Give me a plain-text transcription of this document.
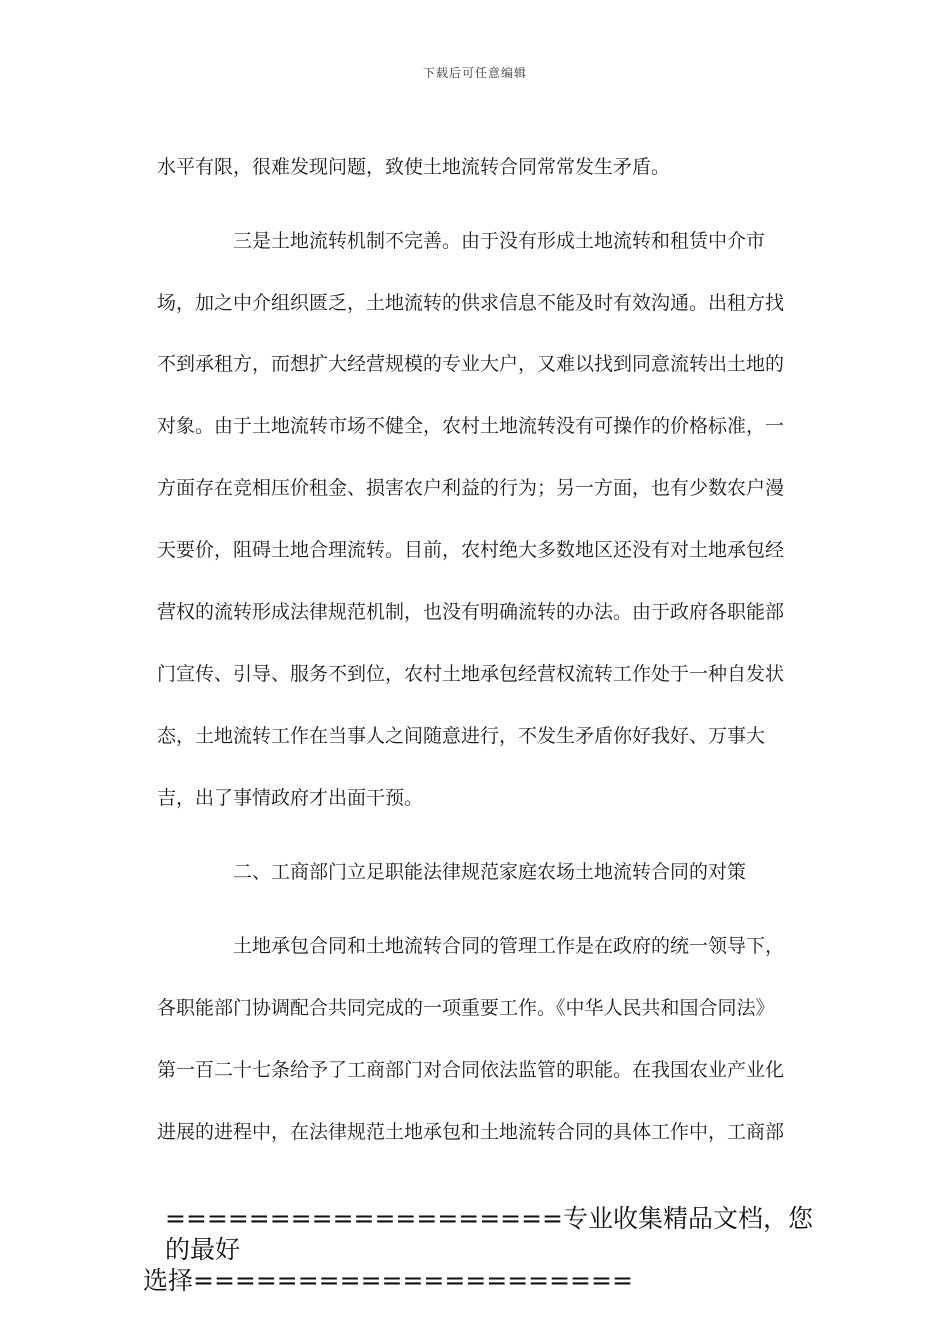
下载后可任意编辑
水平有限，很难发现问题，致使土地流转合同常常发生矛盾。
三是土地流转机制不完善。由于没有形成土地流转和租赁中介市
场，加之中介组织匮乏，土地流转的供求信息不能及时有效沟通。出租方找
不到承租方，而想扩大经营规模的专业大户，又难以找到同意流转出土地的
对象。由于土地流转市场不健全，农村土地流转没有可操作的价格标准，一
方面存在竞相压价租金、损害农户利益的行为；另一方面，也有少数农户漫
天要价，阻碍土地合理流转。目前，农村绝大多数地区还没有对土地承包经
营权的流转形成法律规范机制，也没有明确流转的办法。由于政府各职能部
门宣传、引导、服务不到位，农村土地承包经营权流转工作处于一种自发状
态，土地流转工作在当事人之间随意进行，不发生矛盾你好我好、万事大
吉，出了事情政府才出面干预。
二、工商部门立足职能法律规范家庭农场土地流转合同的对策
土地承包合同和土地流转合同的管理工作是在政府的统一领导下，
各职能部门协调配合共同完成的一项重要工作。《中华人民共和国合同法》
第一百二十七条给予了工商部门对合同依法监管的职能。在我国农业产业化
进展的进程中，在法律规范土地承包和土地流转合同的具体工作中，工商部
===================专业收集精品文档，您的最好
选择=====================
